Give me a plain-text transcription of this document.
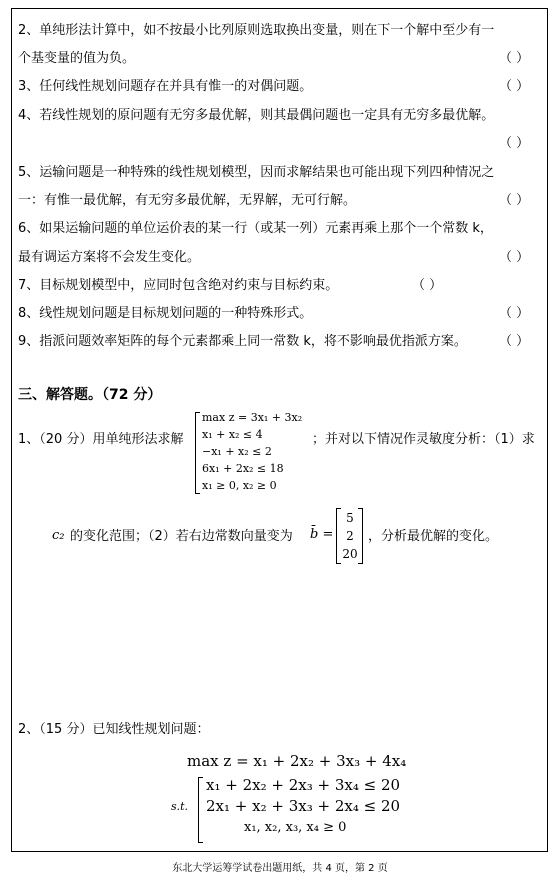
2、单纯形法计算中，如不按最小比列原则选取换出变量，则在下一个解中至少有一
个基变量的值为负。	（ ）
3、任何线性规划问题存在并具有惟一的对偶问题。	（ ）
4、若线性规划的原问题有无穷多最优解，则其最偶问题也一定具有无穷多最优解。
（ ）
5、运输问题是一种特殊的线性规划模型，因而求解结果也可能出现下列四种情况之
一：有惟一最优解，有无穷多最优解，无界解，无可行解。	（ ）
6、如果运输问题的单位运价表的某一行（或某一列）元素再乘上那个一个常数 k，
最有调运方案将不会发生变化。	（ ）
7、目标规划模型中，应同时包含绝对约束与目标约束。	（ ）
8、线性规划问题是目标规划问题的一种特殊形式。	（ ）
9、指派问题效率矩阵的每个元素都乘上同一常数 k，将不影响最优指派方案。 （ ）
三、解答题。（72 分）
1、（20 分）用单纯形法求解
max z = 3x₁ + 3x₂
x₁ + x₂ ≤ 4
−x₁ + x₂ ≤ 2
6x₁ + 2x₂ ≤ 18
x₁ ≥ 0, x₂ ≥ 0
；并对以下情况作灵敏度分析：（1）求
c₂ 的变化范围；（2）若右边常数向量变为 b̄ =
5
2
20
，分析最优解的变化。
2、（15 分）已知线性规划问题：
max z = x₁ + 2x₂ + 3x₃ + 4x₄
s.t.
x₁ + 2x₂ + 2x₃ + 3x₄ ≤ 20
2x₁ + x₂ + 3x₃ + 2x₄ ≤ 20
x₁, x₂, x₃, x₄ ≥ 0
东北大学运筹学试卷出题用纸，共 4 页，第 2 页
